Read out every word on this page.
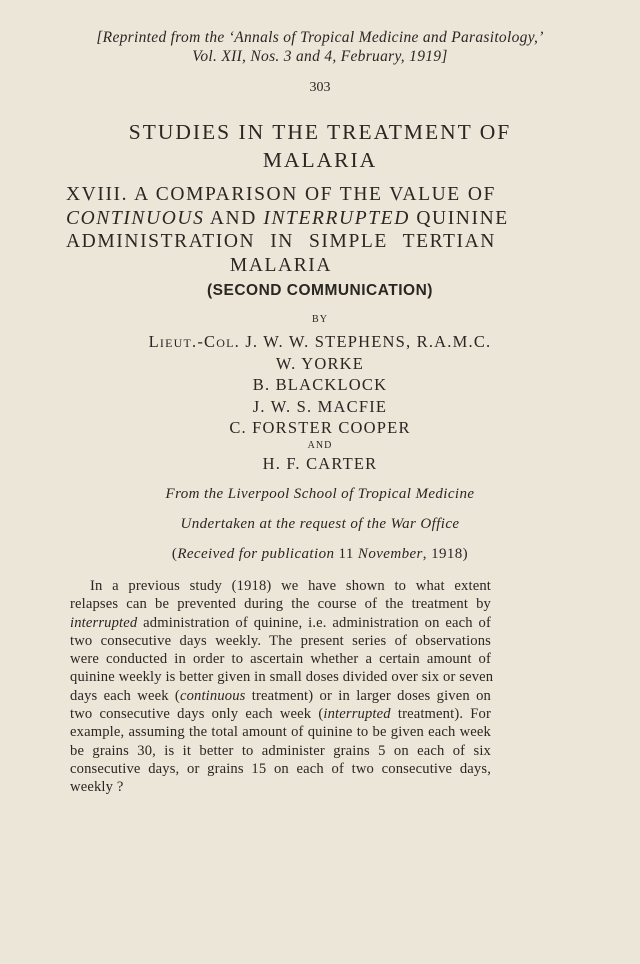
[Reprinted from the ‘Annals of Tropical Medicine and Parasitology,’
Vol. XII, Nos. 3 and 4, February, 1919]
303
STUDIES IN THE TREATMENT OF
MALARIA
XVIII. A COMPARISON OF THE VALUE OF
CONTINUOUS AND INTERRUPTED QUININE
ADMINISTRATION IN SIMPLE TERTIAN
MALARIA
(SECOND COMMUNICATION)
BY
Lieut.-Col. J. W. W. STEPHENS, R.A.M.C.
W. YORKE
B. BLACKLOCK
J. W. S. MACFIE
C. FORSTER COOPER
AND
H. F. CARTER
From the Liverpool School of Tropical Medicine
Undertaken at the request of the War Office
(Received for publication 11 November, 1918)
In a previous study (1918) we have shown to what extent
relapses can be prevented during the course of the treatment by
interrupted administration of quinine, i.e. administration on each of
two consecutive days weekly. The present series of observations
were conducted in order to ascertain whether a certain amount of
quinine weekly is better given in small doses divided over six or seven
days each week (continuous treatment) or in larger doses given on
two consecutive days only each week (interrupted treatment). For
example, assuming the total amount of quinine to be given each week
be grains 30, is it better to administer grains 5 on each of six
consecutive days, or grains 15 on each of two consecutive days,
weekly ?
